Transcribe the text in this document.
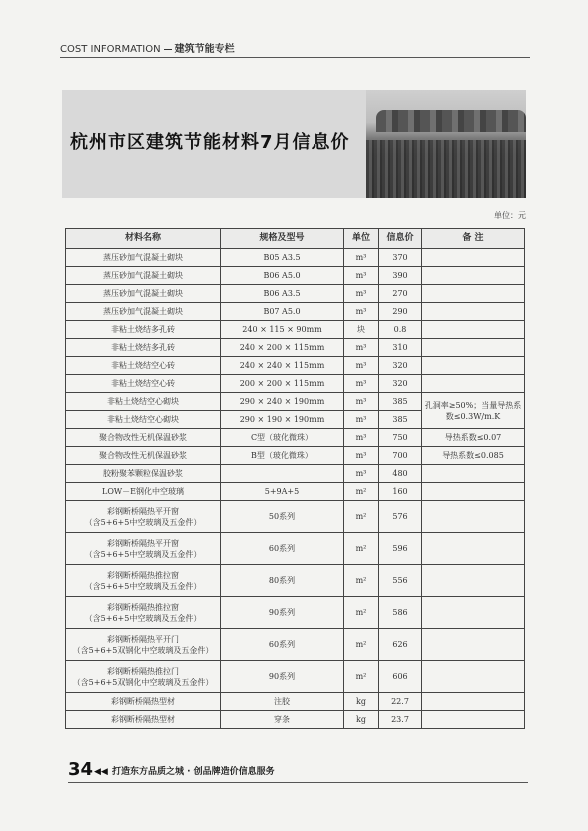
COST INFORMATION 建筑节能专栏
杭州市区建筑节能材料7月信息价
单位：元
材料名称	规格及型号	单位	信息价	备 注

蒸压砂加气混凝土砌块	B05 A3.5	m³	370	

蒸压砂加气混凝土砌块	B06 A5.0	m³	390	

蒸压砂加气混凝土砌块	B06 A3.5	m³	270	

蒸压砂加气混凝土砌块	B07 A5.0	m³	290	

非粘土烧结多孔砖	240 × 115 × 90mm	块	0.8	

非粘土烧结多孔砖	240 × 200 × 115mm	m³	310	

非粘土烧结空心砖	240 × 240 × 115mm	m³	320	

非粘土烧结空心砖	200 × 200 × 115mm	m³	320	

非粘土烧结空心砌块	290 × 240 × 190mm	m³	385	孔洞率≥50%；当量导热系数≤0.3W/m.K

非粘土烧结空心砌块	290 × 190 × 190mm	m³	385	

聚合物改性无机保温砂浆	C型（玻化微珠）	m³	750	导热系数≤0.07

聚合物改性无机保温砂浆	B型（玻化微珠）	m³	700	导热系数≤0.085

胶粉聚苯颗粒保温砂浆		m³	480	

LOW－E钢化中空玻璃	5+9A+5	m²	160	

彩钢断桥隔热平开窗
（含5+6+5中空玻璃及五金件）	50系列	m²	576	

彩钢断桥隔热平开窗
（含5+6+5中空玻璃及五金件）	60系列	m²	596	

彩钢断桥隔热推拉窗
（含5+6+5中空玻璃及五金件）	80系列	m²	556	

彩钢断桥隔热推拉窗
（含5+6+5中空玻璃及五金件）	90系列	m²	586	

彩钢断桥隔热平开门
（含5+6+5双钢化中空玻璃及五金件）	60系列	m²	626	

彩钢断桥隔热推拉门
（含5+6+5双钢化中空玻璃及五金件）	90系列	m²	606	

彩钢断桥隔热型材	注胶	kg	22.7	

彩钢断桥隔热型材	穿条	kg	23.7	
34 ◀◀ 打造东方品质之城 · 创品牌造价信息服务
